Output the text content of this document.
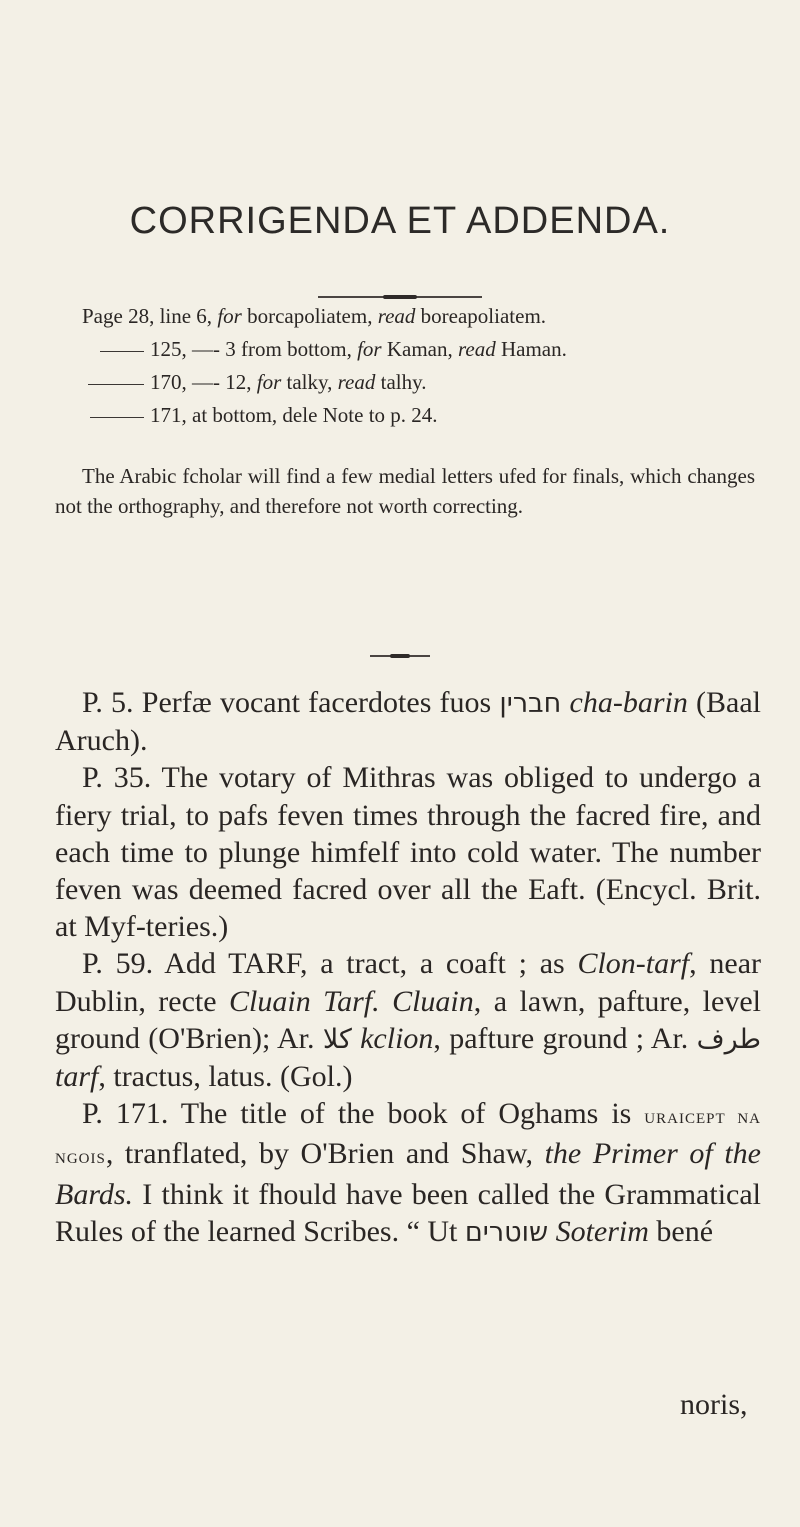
CORRIGENDA ET ADDENDA.
Page 28, line 6, for borcapoliatem, read boreapoliatem.
125, —- 3 from bottom, for Kaman, read Haman.
170, —- 12, for talky, read talhy.
171, at bottom, dele Note to p. 24.

The Arabic fcholar will find a few medial letters ufed for finals, which changes not the orthography, and therefore not worth correcting.

P. 5. Perfæ vocant facerdotes fuos חברין cha-barin (Baal Aruch).

P. 35. The votary of Mithras was obliged to undergo a fiery trial, to pafs feven times through the facred fire, and each time to plunge himfelf into cold water. The number feven was deemed facred over all the Eaft. (Encycl. Brit. at Myf-teries.)

P. 59. Add TARF, a tract, a coaft ; as Clon-tarf, near Dublin, recte Cluain Tarf. Cluain, a lawn, pafture, level ground (O'Brien); Ar. كلا kclion, pafture ground ; Ar. طرف tarf, tractus, latus. (Gol.)

P. 171. The title of the book of Oghams is uraicept na ngois, tranflated, by O'Brien and Shaw, the Primer of the Bards. I think it fhould have been called the Grammatical Rules of the learned Scribes. “ Ut שוטרים Soterim bené

noris,
